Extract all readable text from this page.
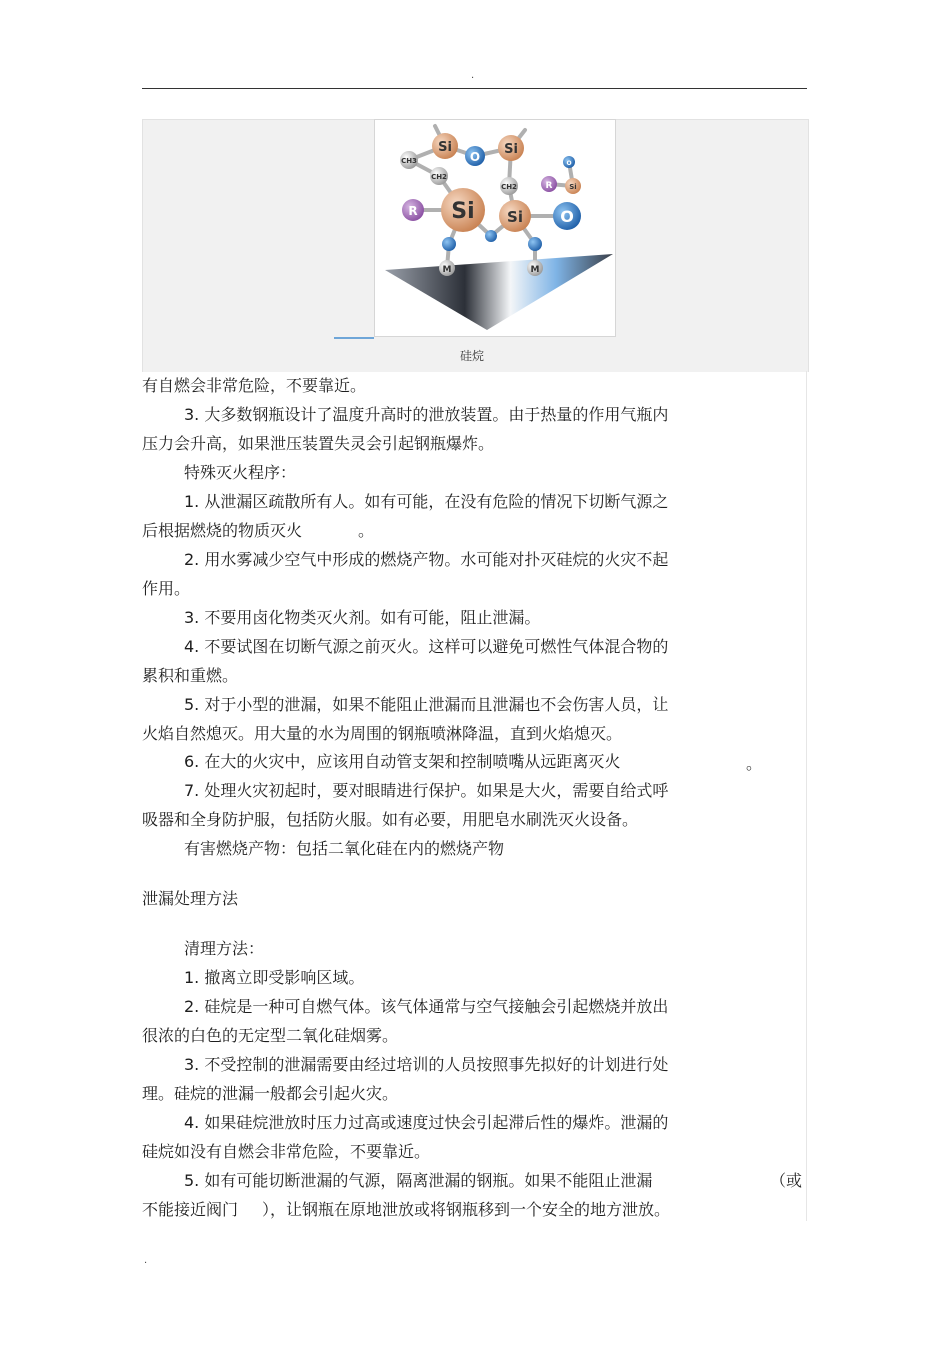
.
Si
O Si
CH3
CH2
R Si
CH2
Si O
R Si
O
M	M
硅烷
有自燃会非常危险，不要靠近。
3. 大多数钢瓶设计了温度升高时的泄放装置。由于热量的作用气瓶内
压力会升高，如果泄压装置失灵会引起钢瓶爆炸。
特殊灭火程序：
1. 从泄漏区疏散所有人。如有可能，在没有危险的情况下切断气源之
后根据燃烧的物质灭火	。
2. 用水雾减少空气中形成的燃烧产物。水可能对扑灭硅烷的火灾不起
作用。
3. 不要用卤化物类灭火剂。如有可能，阻止泄漏。
4. 不要试图在切断气源之前灭火。这样可以避免可燃性气体混合物的
累积和重燃。
5. 对于小型的泄漏，如果不能阻止泄漏而且泄漏也不会伤害人员，让
火焰自然熄灭。用大量的水为周围的钢瓶喷淋降温，直到火焰熄灭。
6. 在大的火灾中，应该用自动管支架和控制喷嘴从远距离灭火	。
7. 处理火灾初起时，要对眼睛进行保护。如果是大火，需要自给式呼
吸器和全身防护服，包括防火服。如有必要，用肥皂水刷洗灭火设备。
有害燃烧产物：包括二氧化硅在内的燃烧产物
泄漏处理方法
清理方法：
1. 撤离立即受影响区域。
2. 硅烷是一种可自燃气体。该气体通常与空气接触会引起燃烧并放出
很浓的白色的无定型二氧化硅烟雾。
3. 不受控制的泄漏需要由经过培训的人员按照事先拟好的计划进行处
理。硅烷的泄漏一般都会引起火灾。
4. 如果硅烷泄放时压力过高或速度过快会引起滞后性的爆炸。泄漏的
硅烷如没有自燃会非常危险，不要靠近。
5. 如有可能切断泄漏的气源，隔离泄漏的钢瓶。如果不能阻止泄漏	（或
不能接近阀门 ），让钢瓶在原地泄放或将钢瓶移到一个安全的地方泄放。
.
